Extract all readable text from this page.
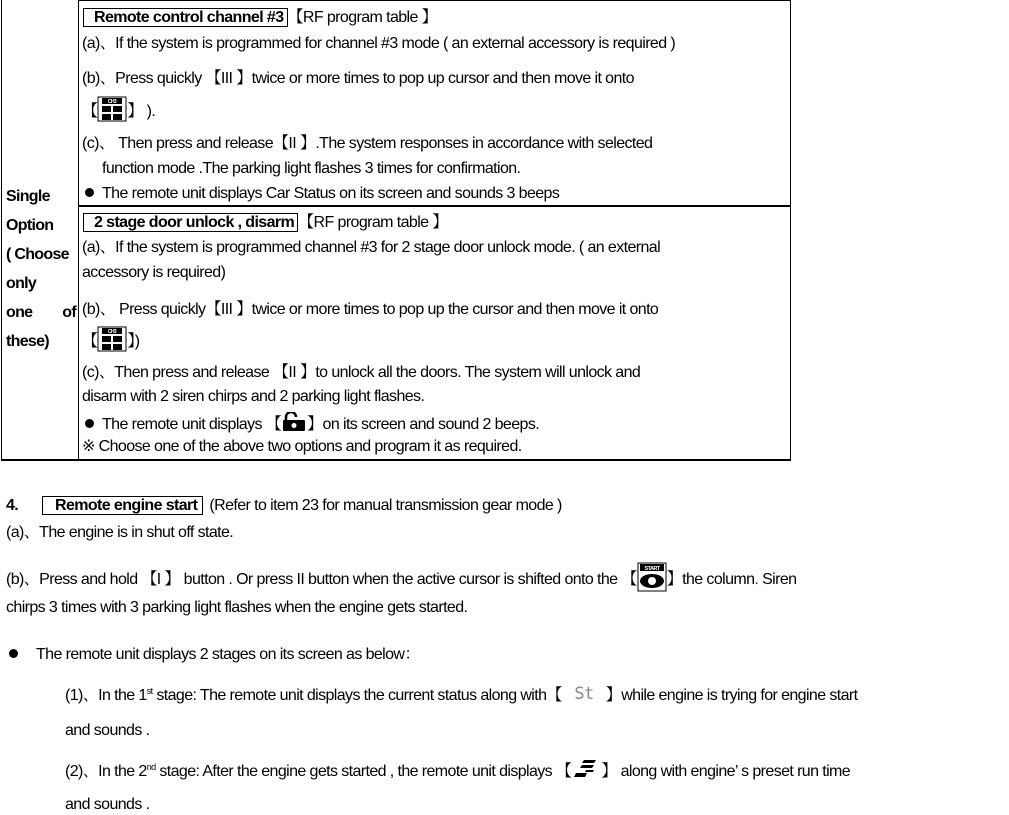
Single
Option
( Choose
only
one of
these)
Remote control channel #3 【RF program table 】
(a)、If the system is programmed for channel #3 mode ( an external accessory is required )
(b)、Press quickly 【III 】twice or more times to pop up cursor and then move it onto
【
CH3
】 ).
(c)、 Then press and release【II 】.The system responses in accordance with selected
function mode .The parking light flashes 3 times for confirmation.
The remote unit displays Car Status on its screen and sounds 3 beeps
2 stage door unlock , disarm 【RF program table 】
(a)、If the system is programmed channel #3 for 2 stage door unlock mode. ( an external
accessory is required)
(b)、 Press quickly【III 】twice or more times to pop up the cursor and then move it onto
【
CH3
】)
(c)、Then press and release 【II 】to unlock all the doors. The system will unlock and
disarm with 2 siren chirps and 2 parking light flashes.
The remote unit displays 【 】on its screen and sound 2 beeps.
※ Choose one of the above two options and program it as required.
4. Remote engine start (Refer to item 23 for manual transmission gear mode )
(a)、The engine is in shut off state.
(b)、Press and hold 【I 】 button . Or press II button when the active cursor is shifted onto the 【
START
】the column. Siren
chirps 3 times with 3 parking light flashes when the engine gets started.
The remote unit displays 2 stages on its screen as below：
(1)、In the 1st stage: The remote unit displays the current status along with【 St 】while engine is trying for engine start
and sounds .
(2)、In the 2nd stage: After the engine gets started , the remote unit displays 【 】 along with engine’ s preset run time
and sounds .
